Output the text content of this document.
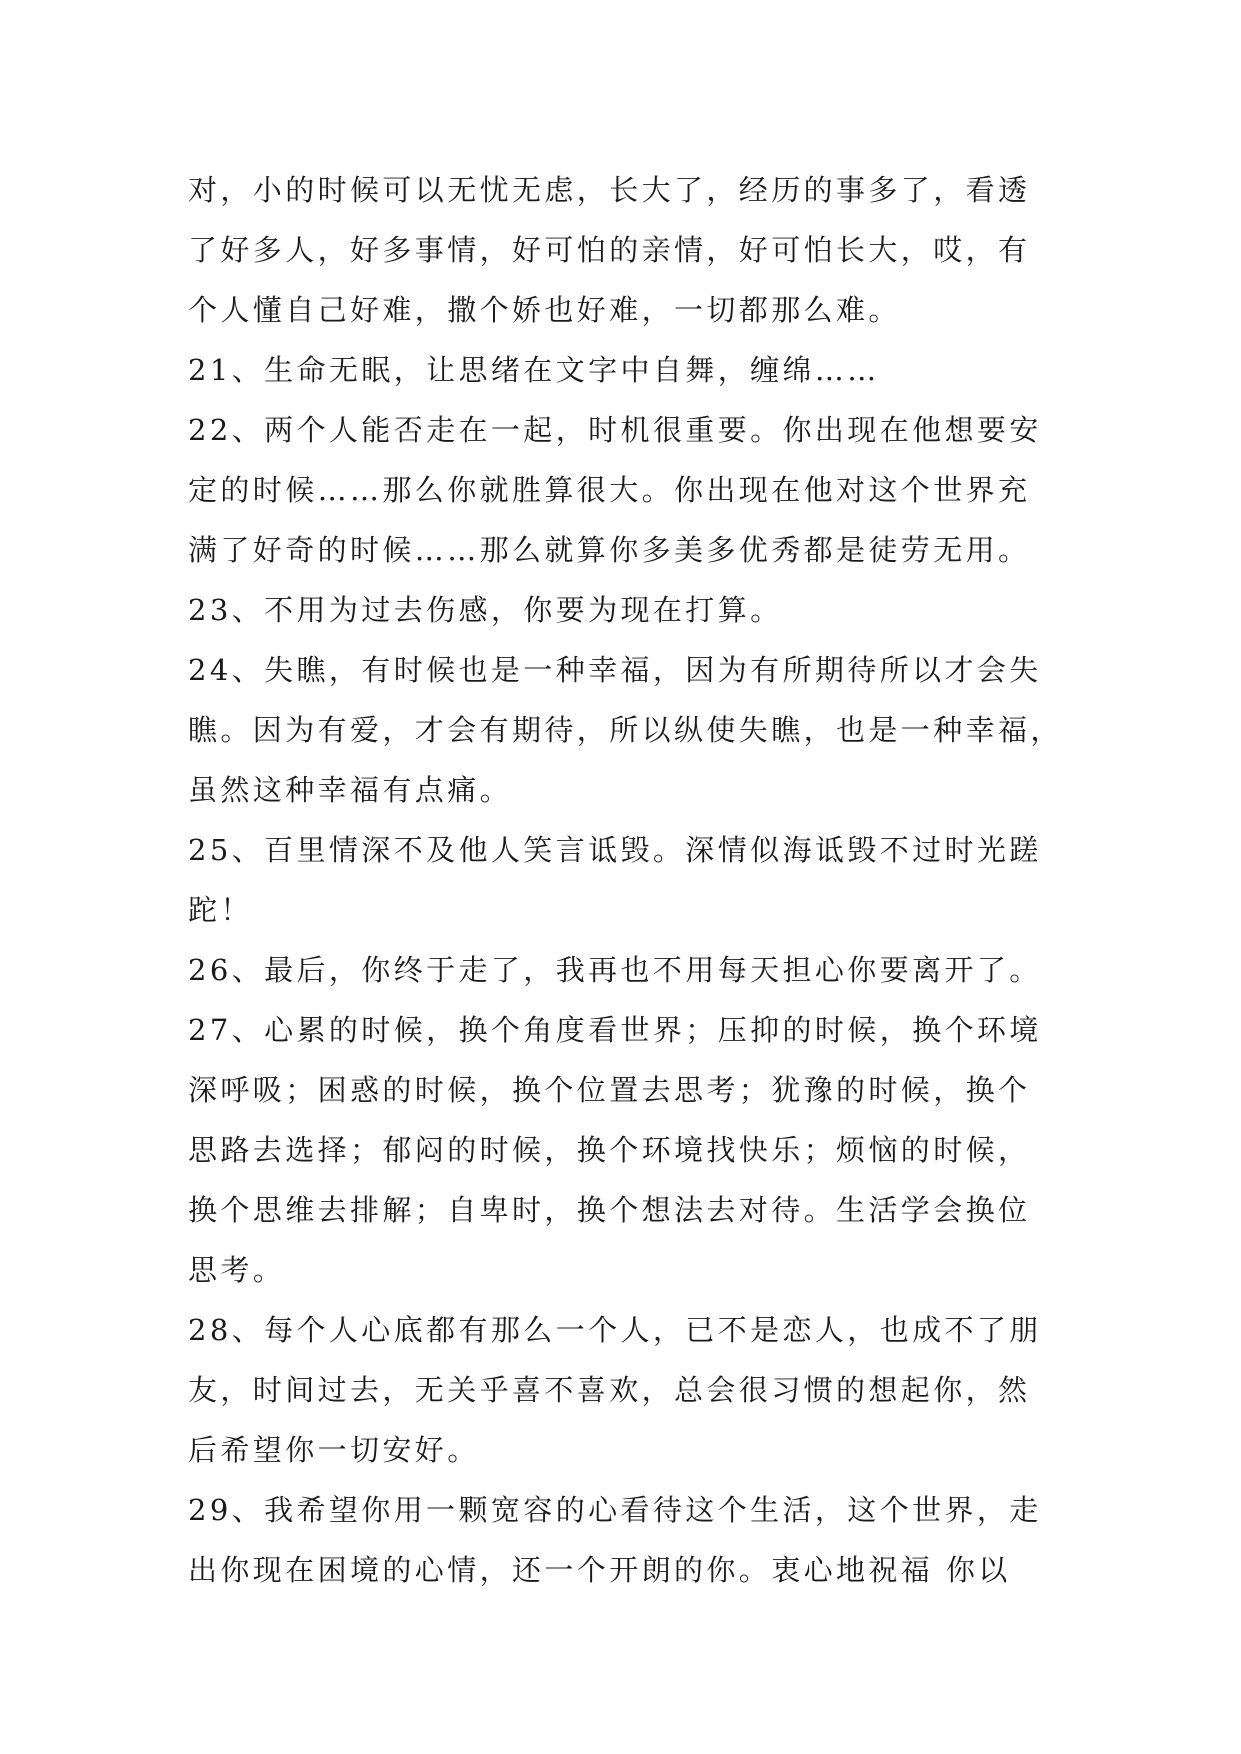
对，小的时候可以无忧无虑，长大了，经历的事多了，看透
了好多人，好多事情，好可怕的亲情，好可怕长大，哎，有
个人懂自己好难，撒个娇也好难，一切都那么难。
21、生命无眠，让思绪在文字中自舞，缠绵……
22、两个人能否走在一起，时机很重要。你出现在他想要安
定的时候……那么你就胜算很大。你出现在他对这个世界充
满了好奇的时候……那么就算你多美多优秀都是徒劳无用。
23、不用为过去伤感，你要为现在打算。
24、失瞧，有时候也是一种幸福，因为有所期待所以才会失
瞧。因为有爱，才会有期待，所以纵使失瞧，也是一种幸福，
虽然这种幸福有点痛。
25、百里情深不及他人笑言诋毁。深情似海诋毁不过时光蹉
跎！
26、最后，你终于走了，我再也不用每天担心你要离开了。
27、心累的时候，换个角度看世界；压抑的时候，换个环境
深呼吸；困惑的时候，换个位置去思考；犹豫的时候，换个
思路去选择；郁闷的时候，换个环境找快乐；烦恼的时候，
换个思维去排解；自卑时，换个想法去对待。生活学会换位
思考。
28、每个人心底都有那么一个人，已不是恋人，也成不了朋
友，时间过去，无关乎喜不喜欢，总会很习惯的想起你，然
后希望你一切安好。
29、我希望你用一颗宽容的心看待这个生活，这个世界，走
出你现在困境的心情，还一个开朗的你。衷心地祝福 你以
